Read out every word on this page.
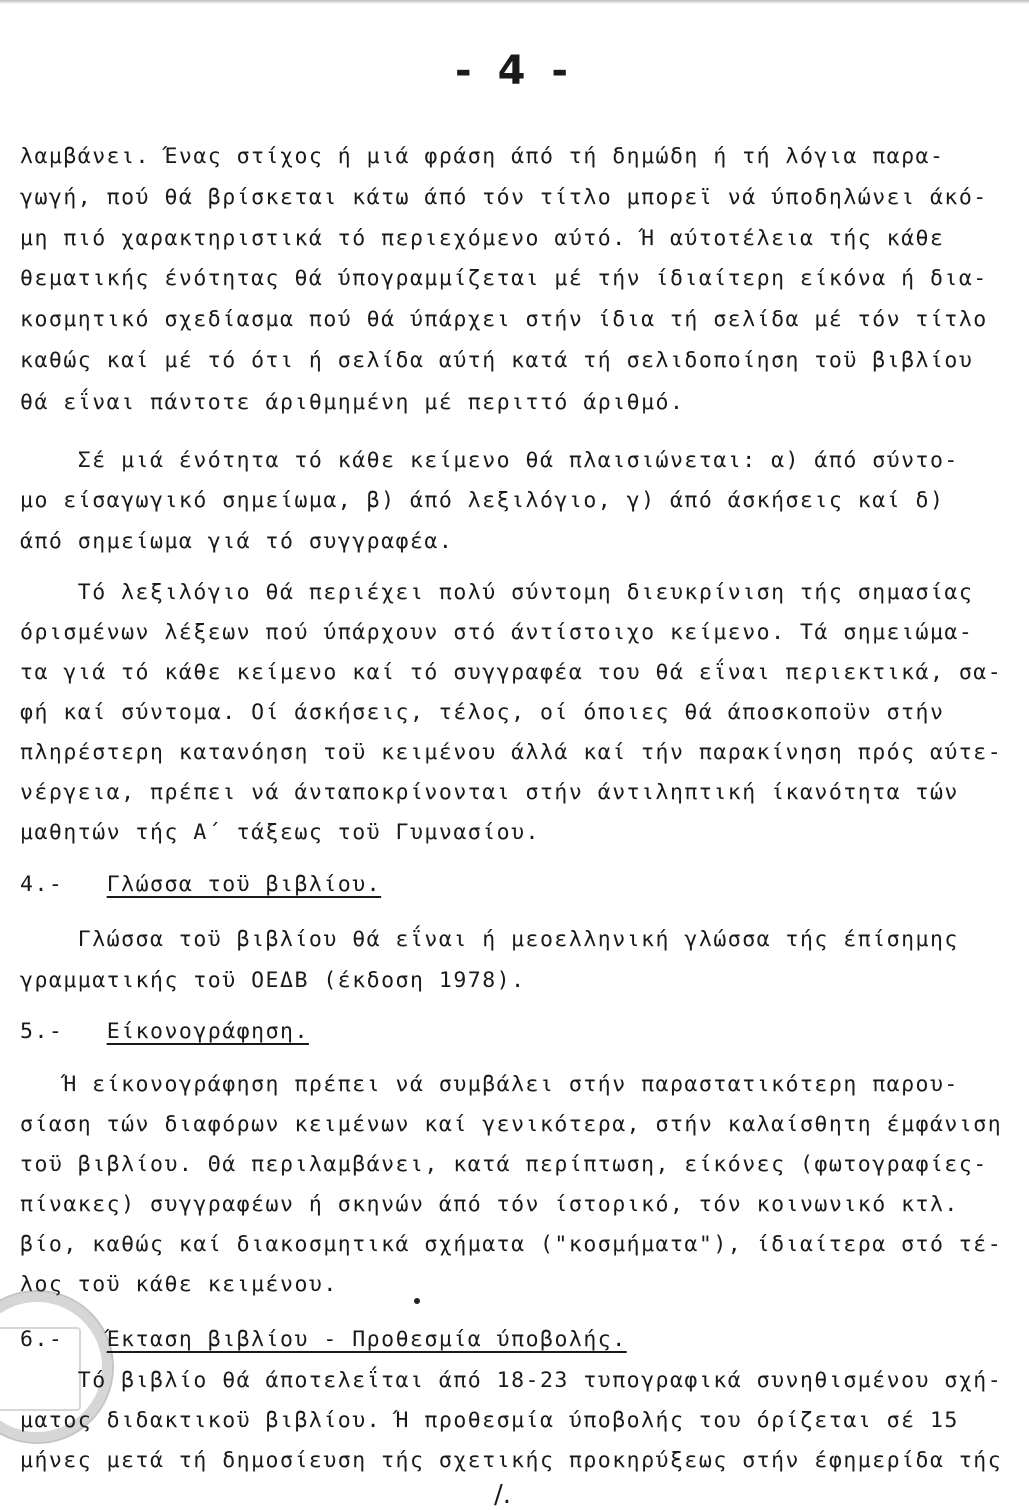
- 4 -
λαμβάνει. Ένας στίχος ή μιά φράση άπό τή δημώδη ή τή λόγια παρα-
γωγή, πού θά βρίσκεται κάτω άπό τόν τίτλο μπορεϊ νά ύποδηλώνει άκό-
μη πιό χαρακτηριστικά τό περιεχόμενο αύτό. Ή αύτοτέλεια τής κάθε
θεματικής ένότητας θά ύπογραμμίζεται μέ τήν ίδιαίτερη είκόνα ή δια-
κοσμητικό σχεδίασμα πού θά ύπάρχει στήν ίδια τή σελίδα μέ τόν τίτλο
καθώς καί μέ τό ότι ή σελίδα αύτή κατά τή σελιδοποίηση τοϋ βιβλίου
θά εΐναι πάντοτε άριθμημένη μέ περιττό άριθμό.
Σέ μιά ένότητα τό κάθε κείμενο θά πλαισιώνεται: α) άπό σύντο-
μο είσαγωγικό σημείωμα, β) άπό λεξιλόγιο, γ) άπό άσκήσεις καί δ)
άπό σημείωμα γιά τό συγγραφέα.
Τό λεξιλόγιο θά περιέχει πολύ σύντομη διευκρίνιση τής σημασίας
όρισμένων λέξεων πού ύπάρχουν στό άντίστοιχο κείμενο. Τά σημειώμα-
τα γιά τό κάθε κείμενο καί τό συγγραφέα του θά εΐναι περιεκτικά, σα-
φή καί σύντομα. Οί άσκήσεις, τέλος, οί όποιες θά άποσκοποϋν στήν
πληρέστερη κατανόηση τοϋ κειμένου άλλά καί τήν παρακίνηση πρός αύτε-
νέργεια, πρέπει νά άνταποκρίνονται στήν άντιληπτική ίκανότητα τών
μαθητών τής Α΄ τάξεως τοϋ Γυμνασίου.
4.- Γλώσσα τοϋ βιβλίου.
Γλώσσα τοϋ βιβλίου θά εΐναι ή μεοελληνική γλώσσα τής έπίσημης
γραμματικής τοϋ ΟΕΔΒ (έκδοση 1978).
5.- Είκονογράφηση.
Ή είκονογράφηση πρέπει νά συμβάλει στήν παραστατικότερη παρου-
σίαση τών διαφόρων κειμένων καί γενικότερα, στήν καλαίσθητη έμφάνιση
τοϋ βιβλίου. Θά περιλαμβάνει, κατά περίπτωση, είκόνες (φωτογραφίες-
πίνακες) συγγραφέων ή σκηνών άπό τόν ίστορικό, τόν κοινωνικό κτλ.
βίο, καθώς καί διακοσμητικά σχήματα ("κοσμήματα"), ίδιαίτερα στό τέ-
λος τοϋ κάθε κειμένου.
6.- Έκταση βιβλίου - Προθεσμία ύποβολής.
Τό βιβλίο θά άποτελεΐται άπό 18-23 τυπογραφικά συνηθισμένου σχή-
ματος διδακτικοϋ βιβλίου. Ή προθεσμία ύποβολής του όρίζεται σέ 15
μήνες μετά τή δημοσίευση τής σχετικής προκηρύξεως στήν έφημερίδα τής
/.
